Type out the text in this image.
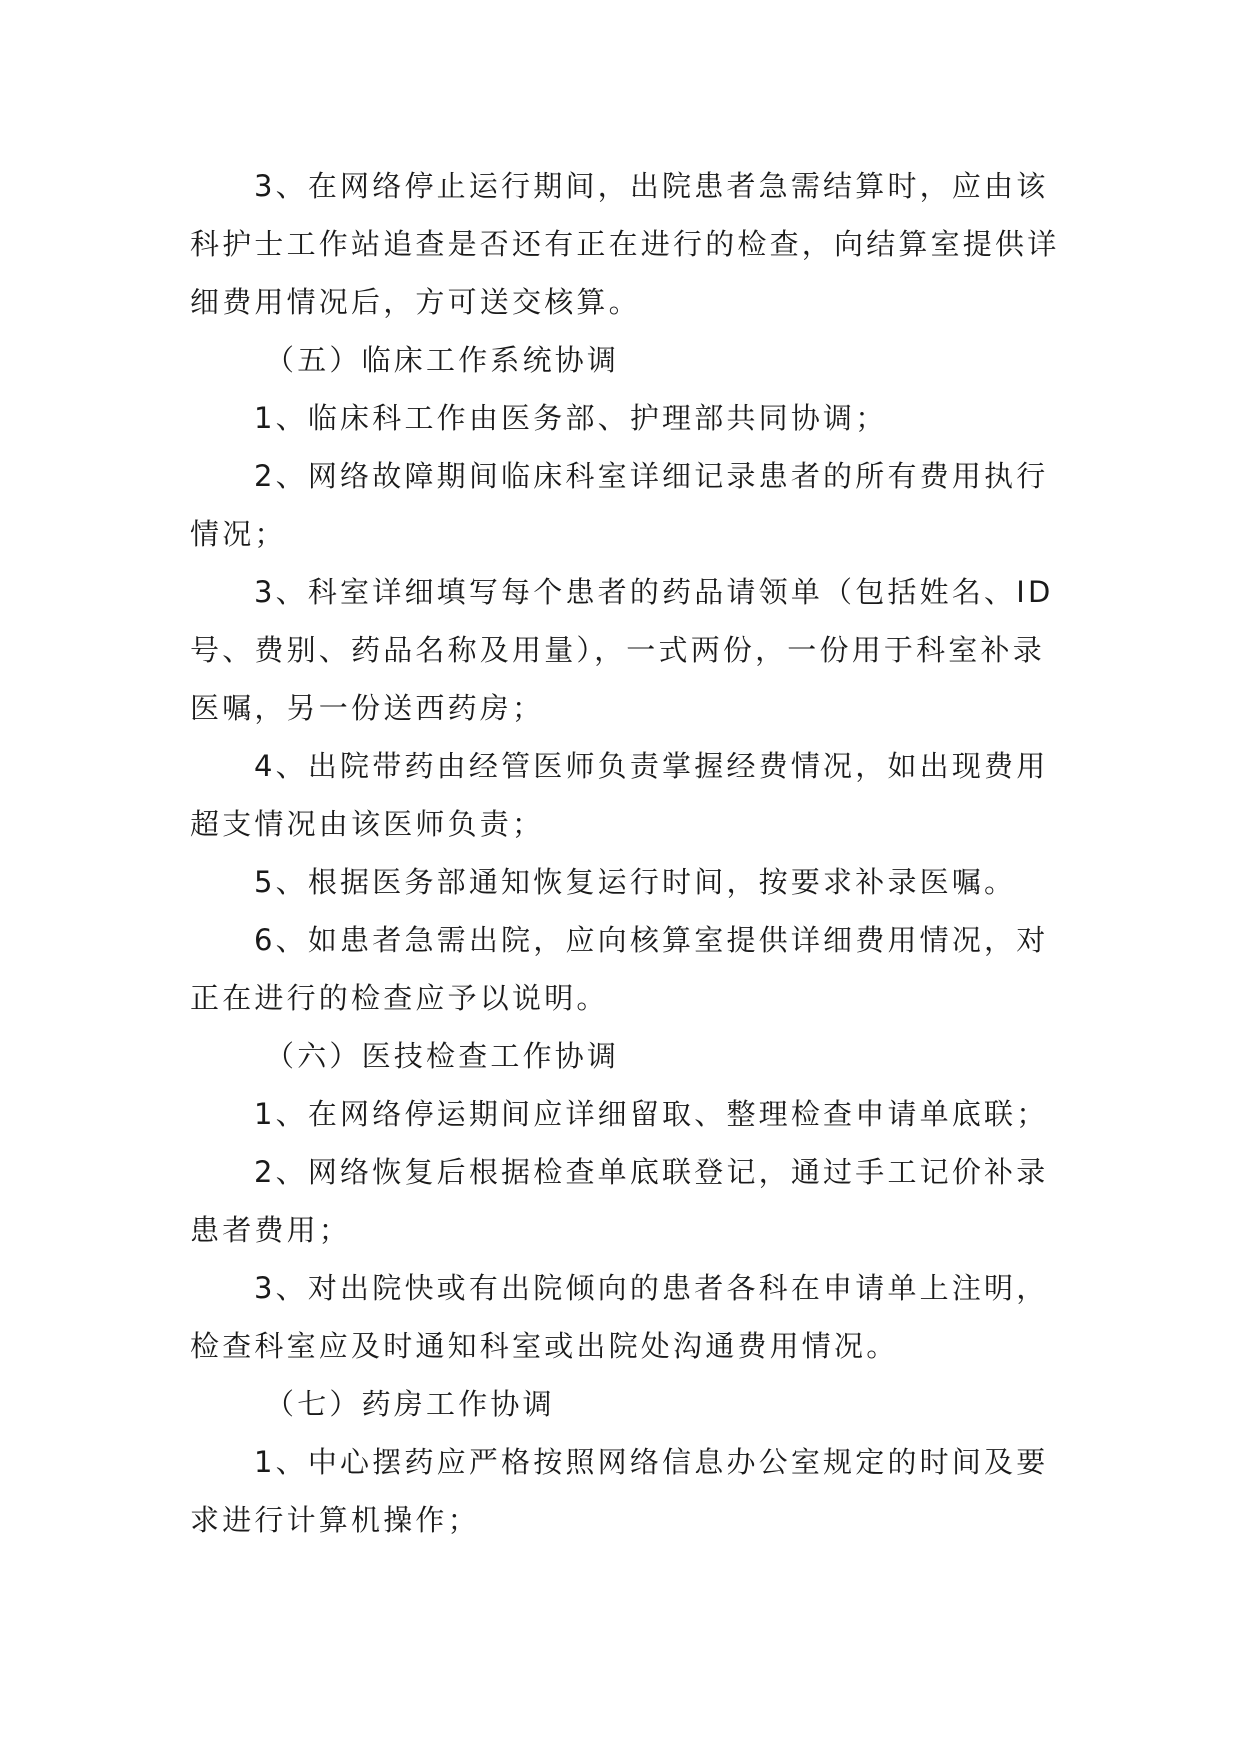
3、在网络停止运行期间，出院患者急需结算时，应由该科护士工作站追查是否还有正在进行的检查，向结算室提供详细费用情况后，方可送交核算。

（五）临床工作系统协调

1、临床科工作由医务部、护理部共同协调；

2、网络故障期间临床科室详细记录患者的所有费用执行情况；

3、科室详细填写每个患者的药品请领单（包括姓名、ID号、费别、药品名称及用量），一式两份，一份用于科室补录医嘱，另一份送西药房；

4、出院带药由经管医师负责掌握经费情况，如出现费用超支情况由该医师负责；

5、根据医务部通知恢复运行时间，按要求补录医嘱。

6、如患者急需出院，应向核算室提供详细费用情况，对正在进行的检查应予以说明。

（六）医技检查工作协调

1、在网络停运期间应详细留取、整理检查申请单底联；

2、网络恢复后根据检查单底联登记，通过手工记价补录患者费用；

3、对出院快或有出院倾向的患者各科在申请单上注明，检查科室应及时通知科室或出院处沟通费用情况。

（七）药房工作协调

1、中心摆药应严格按照网络信息办公室规定的时间及要求进行计算机操作；
